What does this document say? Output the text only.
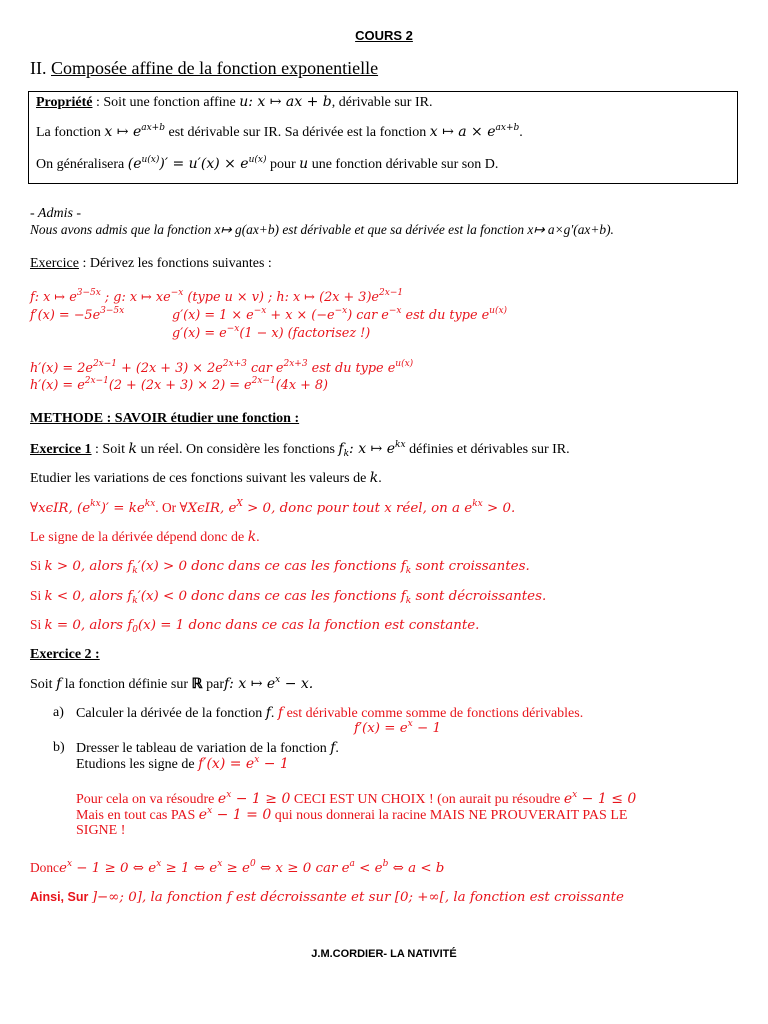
COURS 2
II. Composée affine de la fonction exponentielle
Propriété : Soit une fonction affine u: x ↦ ax + b, dérivable sur IR.
La fonction x ↦ $e^{ax+b}$ est dérivable sur IR. Sa dérivée est la fonction x ↦ $a \times e^{ax+b}$.
On généralisera $(e^{u(x)})' = u'(x) \times e^{u(x)}$ pour u une fonction dérivable sur son D.
- Admis -
Nous avons admis que la fonction x↦ g(ax+b) est dérivable et que sa dérivée est la fonction x↦ a×g′(ax+b).
Exercice : Dérivez les fonctions suivantes :
f: x ↦ $e^{3-5x}$ ; g: x ↦ $xe^{-x}$ (type u × v) ; h: x ↦ $(2x + 3)e^{2x-1}$
$f'(x) = -5e^{3-5x}$	$g'(x) = 1 \times e^{-x} + x \times (-e^{-x})$ car $e^{-x}$ est du type $e^{u(x)}$
$g'(x) = e^{-x}(1 - x)$ (factorisez !)
$h'(x) = 2e^{2x-1} + (2x + 3) \times 2e^{2x+3}$ car $e^{2x+3}$ est du type $e^{u(x)}$
$h'(x) = e^{2x-1}(2 + (2x + 3) \times 2) = e^{2x-1}(4x + 8)$
METHODE : SAVOIR étudier une fonction :
Exercice 1 : Soit k un réel. On considère les fonctions $f_k$: x ↦ $e^{kx}$ définies et dérivables sur IR.
Etudier les variations de ces fonctions suivant les valeurs de k.
∀xϵIR, $(e^{kx})' = ke^{kx}$. Or ∀XϵIR, $e^X > 0$, donc pour tout x réel, on a $e^{kx} > 0$.
Le signe de la dérivée dépend donc de k.
Si k > 0, alors $f_k'(x) > 0$ donc dans ce cas les fonctions $f_k$ sont croissantes.
Si k < 0, alors $f_k'(x) < 0$ donc dans ce cas les fonctions $f_k$ sont décroissantes.
Si k = 0, alors $f_0(x) = 1$ donc dans ce cas la fonction est constante.
Exercice 2 :
Soit f la fonction définie sur ℝ parf: x ↦ $e^x - x$.
a) Calculer la dérivée de la fonction f. f est dérivable comme somme de fonctions dérivables.
$f'(x) = e^x - 1$
b) Dresser le tableau de variation de la fonction f.
Etudions les signe de $f'(x) = e^x - 1$
Pour cela on va résoudre $e^x - 1 \ge 0$ CECI EST UN CHOIX ! (on aurait pu résoudre $e^x - 1 \le 0$
Mais en tout cas PAS $e^x - 1 = 0$ qui nous donnerai la racine MAIS NE PROUVERAIT PAS LE
SIGNE !
Donce$^x$ − 1 ≥ 0 ⇔ $e^x \ge 1$ ⇔ $e^x \ge e^0$ ⇔ x ≥ 0 car $e^a < e^b$ ⇔ a < b
Ainsi, Sur ]−∞; 0], la fonction f est décroissante et sur [0; +∞[, la fonction est croissante
J.M.CORDIER- LA NATIVITÉ
